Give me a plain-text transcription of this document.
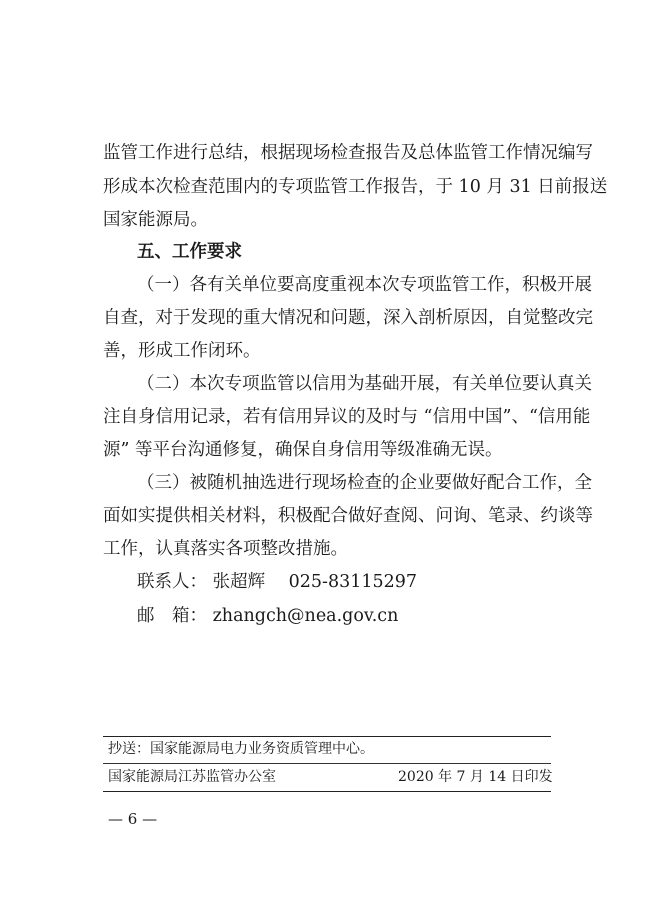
监管工作进行总结，根据现场检查报告及总体监管工作情况编写
形成本次检查范围内的专项监管工作报告，于 10 月 31 日前报送
国家能源局。
五、工作要求
（一）各有关单位要高度重视本次专项监管工作，积极开展
自查，对于发现的重大情况和问题，深入剖析原因，自觉整改完
善，形成工作闭环。
（二）本次专项监管以信用为基础开展，有关单位要认真关
注自身信用记录，若有信用异议的及时与 “信用中国”、“信用能
源” 等平台沟通修复，确保自身信用等级准确无误。
（三）被随机抽选进行现场检查的企业要做好配合工作，全
面如实提供相关材料，积极配合做好查阅、问询、笔录、约谈等
工作，认真落实各项整改措施。
联系人： 张超辉 025-83115297
邮　箱： zhangch@nea.gov.cn
抄送：国家能源局电力业务资质管理中心。
国家能源局江苏监管办公室	2020 年 7 月 14 日印发
— 6 —
